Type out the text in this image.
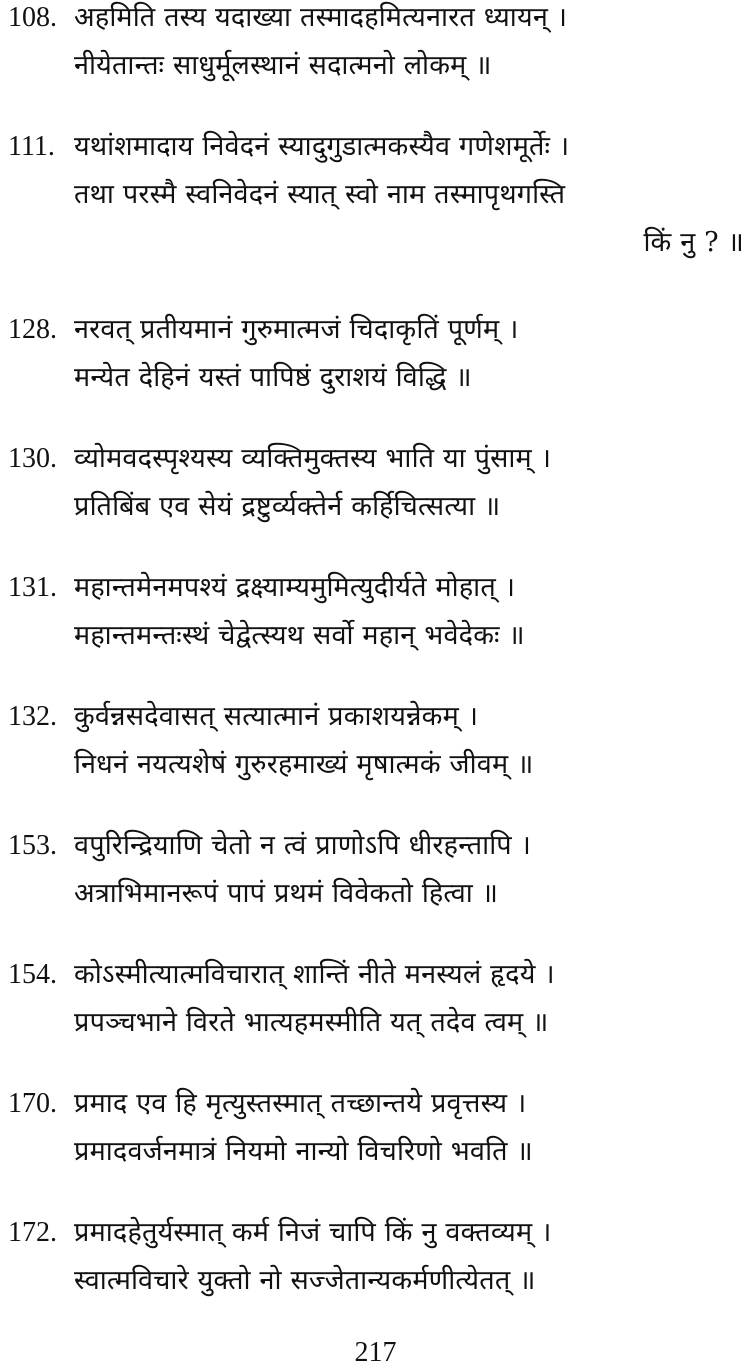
108. अहमिति तस्य यदाख्या तस्मादहमित्यनारत ध्यायन् ।
नीयेतान्तः साधुर्मूलस्थानं सदात्मनो लोकम् ॥
111. यथांशमादाय निवेदनं स्यादुगुडात्मकस्यैव गणेशमूर्तेः ।
तथा परस्मै स्वनिवेदनं स्यात् स्वो नाम तस्मापृथगस्ति
किं नु ? ॥
128. नरवत् प्रतीयमानं गुरुमात्मजं चिदाकृतिं पूर्णम् ।
मन्येत देहिनं यस्तं पापिष्ठं दुराशयं विद्धि ॥
130. व्योमवदस्पृश्यस्य व्यक्तिमुक्तस्य भाति या पुंसाम् ।
प्रतिबिंब एव सेयं द्रष्टुर्व्यक्तेर्न कर्हिचित्सत्या ॥
131. महान्तमेनमपश्यं द्रक्ष्याम्यमुमित्युदीर्यते मोहात् ।
महान्तमन्तःस्थं चेद्वेत्स्यथ सर्वो महान् भवेदेकः ॥
132. कुर्वन्नसदेवासत् सत्यात्मानं प्रकाशयन्नेकम् ।
निधनं नयत्यशेषं गुरुरहमाख्यं मृषात्मकं जीवम् ॥
153. वपुरिन्द्रियाणि चेतो न त्वं प्राणोऽपि धीरहन्तापि ।
अत्राभिमानरूपं पापं प्रथमं विवेकतो हित्वा ॥
154. कोऽस्मीत्यात्मविचारात् शान्तिं नीते मनस्यलं हृदये ।
प्रपञ्चभाने विरते भात्यहमस्मीति यत् तदेव त्वम् ॥
170. प्रमाद एव हि मृत्युस्तस्मात् तच्छान्तये प्रवृत्तस्य ।
प्रमादवर्जनमात्रं नियमो नान्यो विचरिणो भवति ॥
172. प्रमादहेतुर्यस्मात् कर्म निजं चापि किं नु वक्तव्यम् ।
स्वात्मविचारे युक्तो नो सज्जेतान्यकर्मणीत्येतत् ॥
217
